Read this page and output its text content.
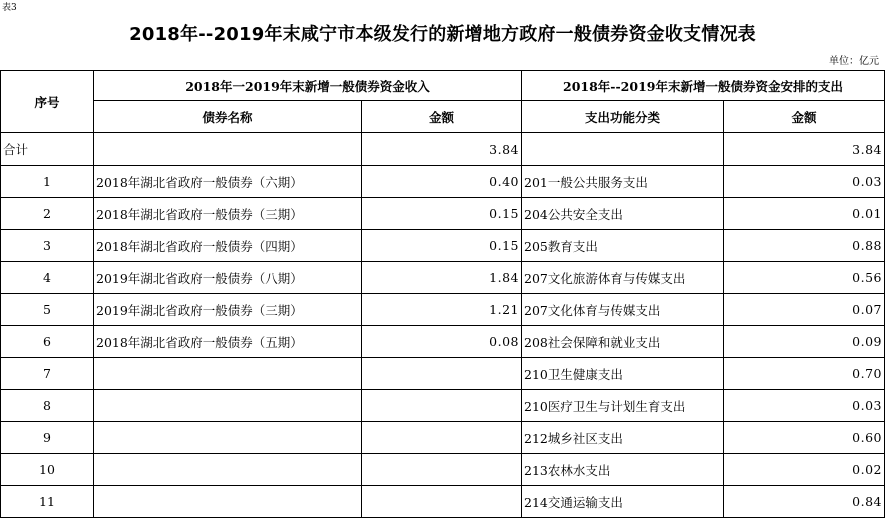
表3
2018年--2019年末咸宁市本级发行的新增地方政府一般债券资金收支情况表
单位：亿元
序号	2018年一2019年末新增一般债券资金收入		2018年--2019年末新增一般债券资金安排的支出	
	债券名称	金额	支出功能分类	金额
合计		3.84		3.84
1	2018年湖北省政府一般债券（六期）	0.40	201一般公共服务支出	0.03
2	2018年湖北省政府一般债券（三期）	0.15	204公共安全支出	0.01
3	2018年湖北省政府一般债券（四期）	0.15	205教育支出	0.88
4	2019年湖北省政府一般债券（八期）	1.84	207文化旅游体育与传媒支出	0.56
5	2019年湖北省政府一般债券（三期）	1.21	207文化体育与传媒支出	0.07
6	2018年湖北省政府一般债券（五期）	0.08	208社会保障和就业支出	0.09
7			210卫生健康支出	0.70
8			210医疗卫生与计划生育支出	0.03
9			212城乡社区支出	0.60
10			213农林水支出	0.02
11			214交通运输支出	0.84
